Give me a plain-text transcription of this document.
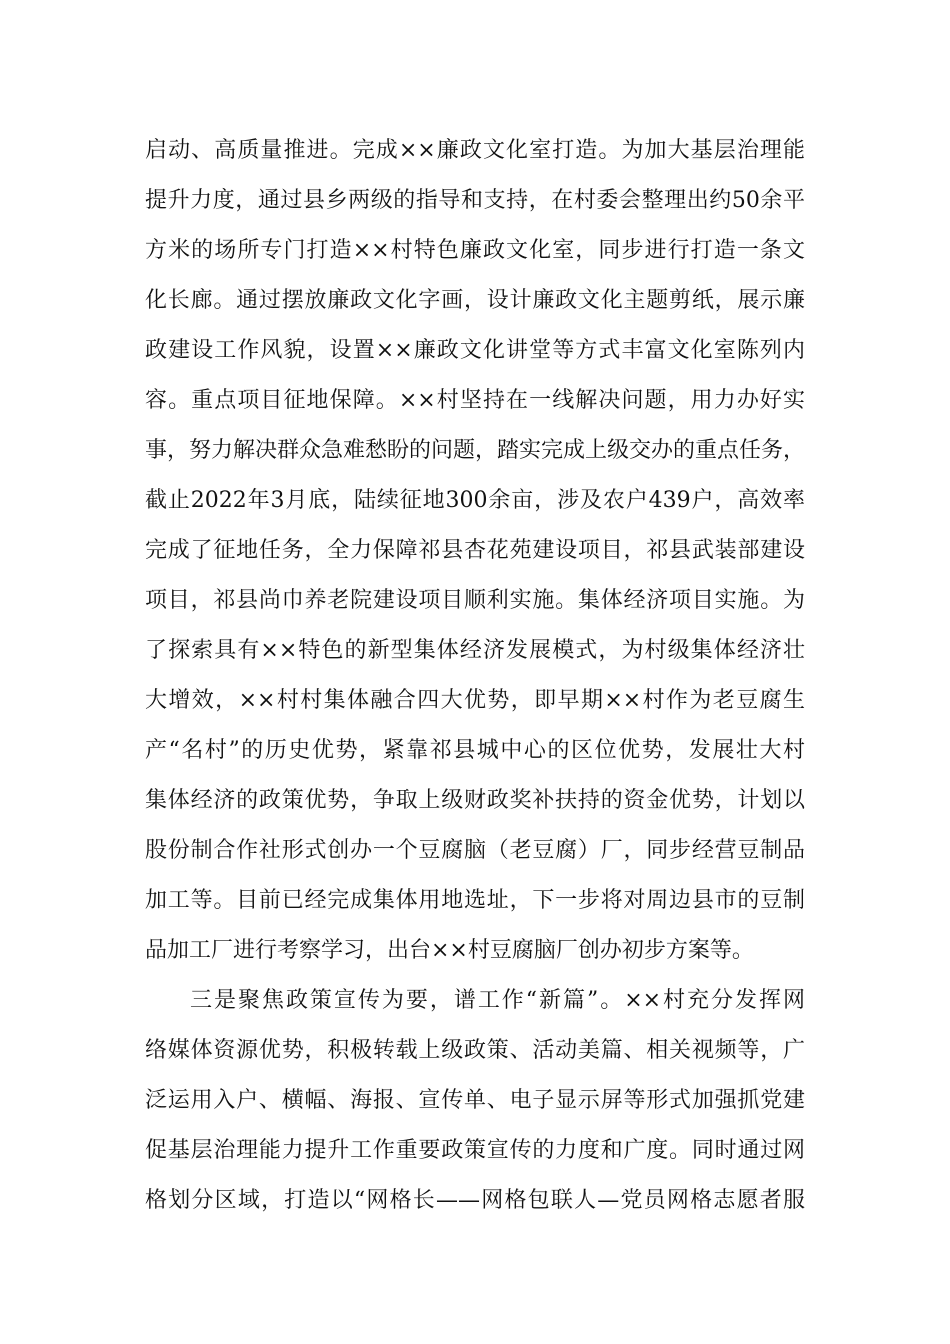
启动、高质量推进。完成××廉政文化室打造。为加大基层治理能
提升力度，通过县乡两级的指导和支持，在村委会整理出约50余平
方米的场所专门打造××村特色廉政文化室，同步进行打造一条文
化长廊。通过摆放廉政文化字画，设计廉政文化主题剪纸，展示廉
政建设工作风貌，设置××廉政文化讲堂等方式丰富文化室陈列内
容。重点项目征地保障。××村坚持在一线解决问题，用力办好实
事，努力解决群众急难愁盼的问题，踏实完成上级交办的重点任务，
截止2022年3月底，陆续征地300余亩，涉及农户439户，高效率
完成了征地任务，全力保障祁县杏花苑建设项目，祁县武装部建设
项目，祁县尚巾养老院建设项目顺利实施。集体经济项目实施。为
了探索具有××特色的新型集体经济发展模式，为村级集体经济壮
大增效，××村村集体融合四大优势，即早期××村作为老豆腐生
产“名村”的历史优势，紧靠祁县城中心的区位优势，发展壮大村
集体经济的政策优势，争取上级财政奖补扶持的资金优势，计划以
股份制合作社形式创办一个豆腐脑（老豆腐）厂，同步经营豆制品
加工等。目前已经完成集体用地选址，下一步将对周边县市的豆制
品加工厂进行考察学习，出台××村豆腐脑厂创办初步方案等。
三是聚焦政策宣传为要，谱工作“新篇”。××村充分发挥网
络媒体资源优势，积极转载上级政策、活动美篇、相关视频等，广
泛运用入户、横幅、海报、宣传单、电子显示屏等形式加强抓党建
促基层治理能力提升工作重要政策宣传的力度和广度。同时通过网
格划分区域，打造以“网格长——网格包联人—党员网格志愿者服
